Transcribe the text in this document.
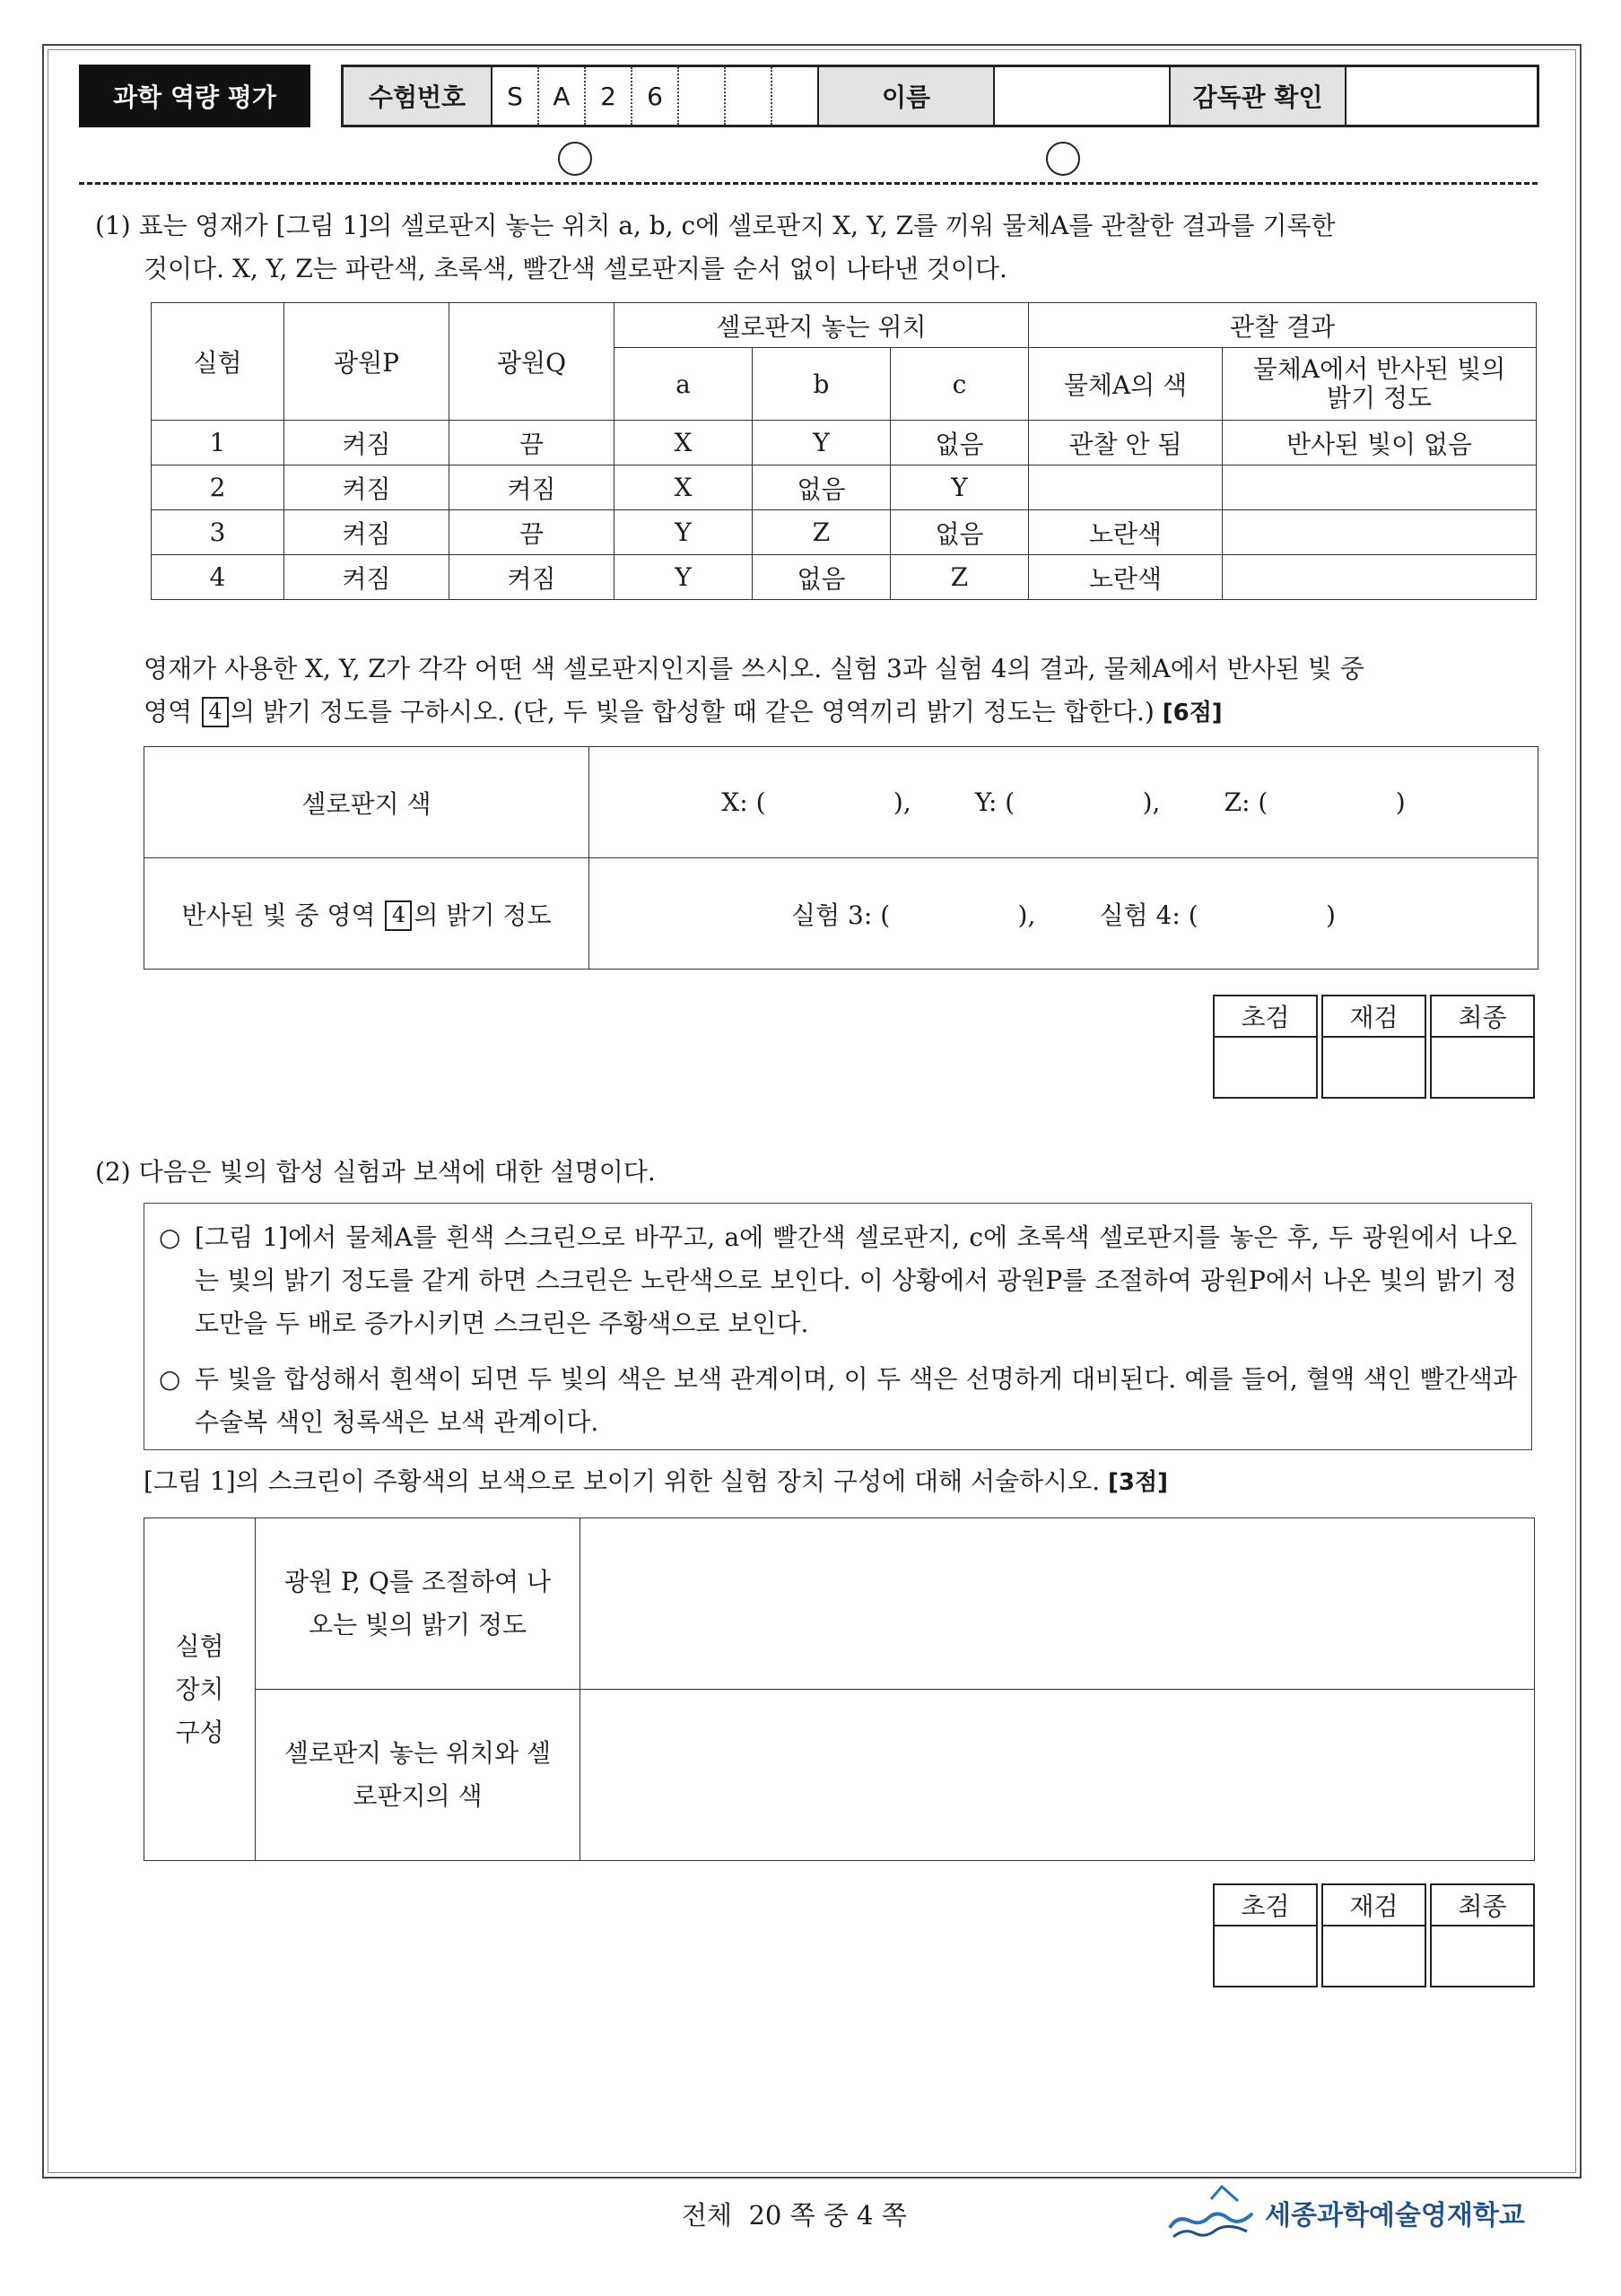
과학 역량 평가	수험번호	S	A	2	6	이름	감독관 확인
(1) 표는 영재가 [그림 1]의 셀로판지 놓는 위치 a, b, c에 셀로판지 X, Y, Z를 끼워 물체A를 관찰한 결과를 기록한
것이다. X, Y, Z는 파란색, 초록색, 빨간색 셀로판지를 순서 없이 나타낸 것이다.
실험	광원P	광원Q	셀로판지 놓는 위치			관찰 결과	
			a	b	c	물체A의 색	물체A에서 반사된 빛의 밝기 정도
1	켜짐	끔	X	Y	없음	관찰 안 됨	반사된 빛이 없음
2	켜짐	켜짐	X	없음	Y		
3	켜짐	끔	Y	Z	없음	노란색	
4	켜짐	켜짐	Y	없음	Z	노란색	
영재가 사용한 X, Y, Z가 각각 어떤 색 셀로판지인지를 쓰시오. 실험 3과 실험 4의 결과, 물체A에서 반사된 빛 중
영역 4 의 밝기 정도를 구하시오. (단, 두 빛을 합성할 때 같은 영역끼리 밝기 정도는 합한다.) [6점]
셀로판지 색	X: (                ),        Y: (                ),        Z: (                )
반사된 빛 중 영역 4 의 밝기 정도	실험 3: (                ),        실험 4: (                )
초검	재검	최종
(2) 다음은 빛의 합성 실험과 보색에 대한 설명이다.
○ [그림 1]에서 물체A를 흰색 스크린으로 바꾸고, a에 빨간색 셀로판지, c에 초록색 셀로판지를 놓은 후, 두 광원에서 나오는 빛의 밝기 정도를 같게 하면 스크린은 노란색으로 보인다. 이 상황에서 광원P를 조절하여 광원P에서 나온 빛의 밝기 정도만을 두 배로 증가시키면 스크린은 주황색으로 보인다.
○ 두 빛을 합성해서 흰색이 되면 두 빛의 색은 보색 관계이며, 이 두 색은 선명하게 대비된다. 예를 들어, 혈액 색인 빨간색과 수술복 색인 청록색은 보색 관계이다.
[그림 1]의 스크린이 주황색의 보색으로 보이기 위한 실험 장치 구성에 대해 서술하시오. [3점]
실험 장치 구성	광원 P, Q를 조절하여 나오는 빛의 밝기 정도	
	셀로판지 놓는 위치와 셀로판지의 색	
초검	재검	최종
전체  20 쪽 중 4 쪽	세종과학예술영재학교
